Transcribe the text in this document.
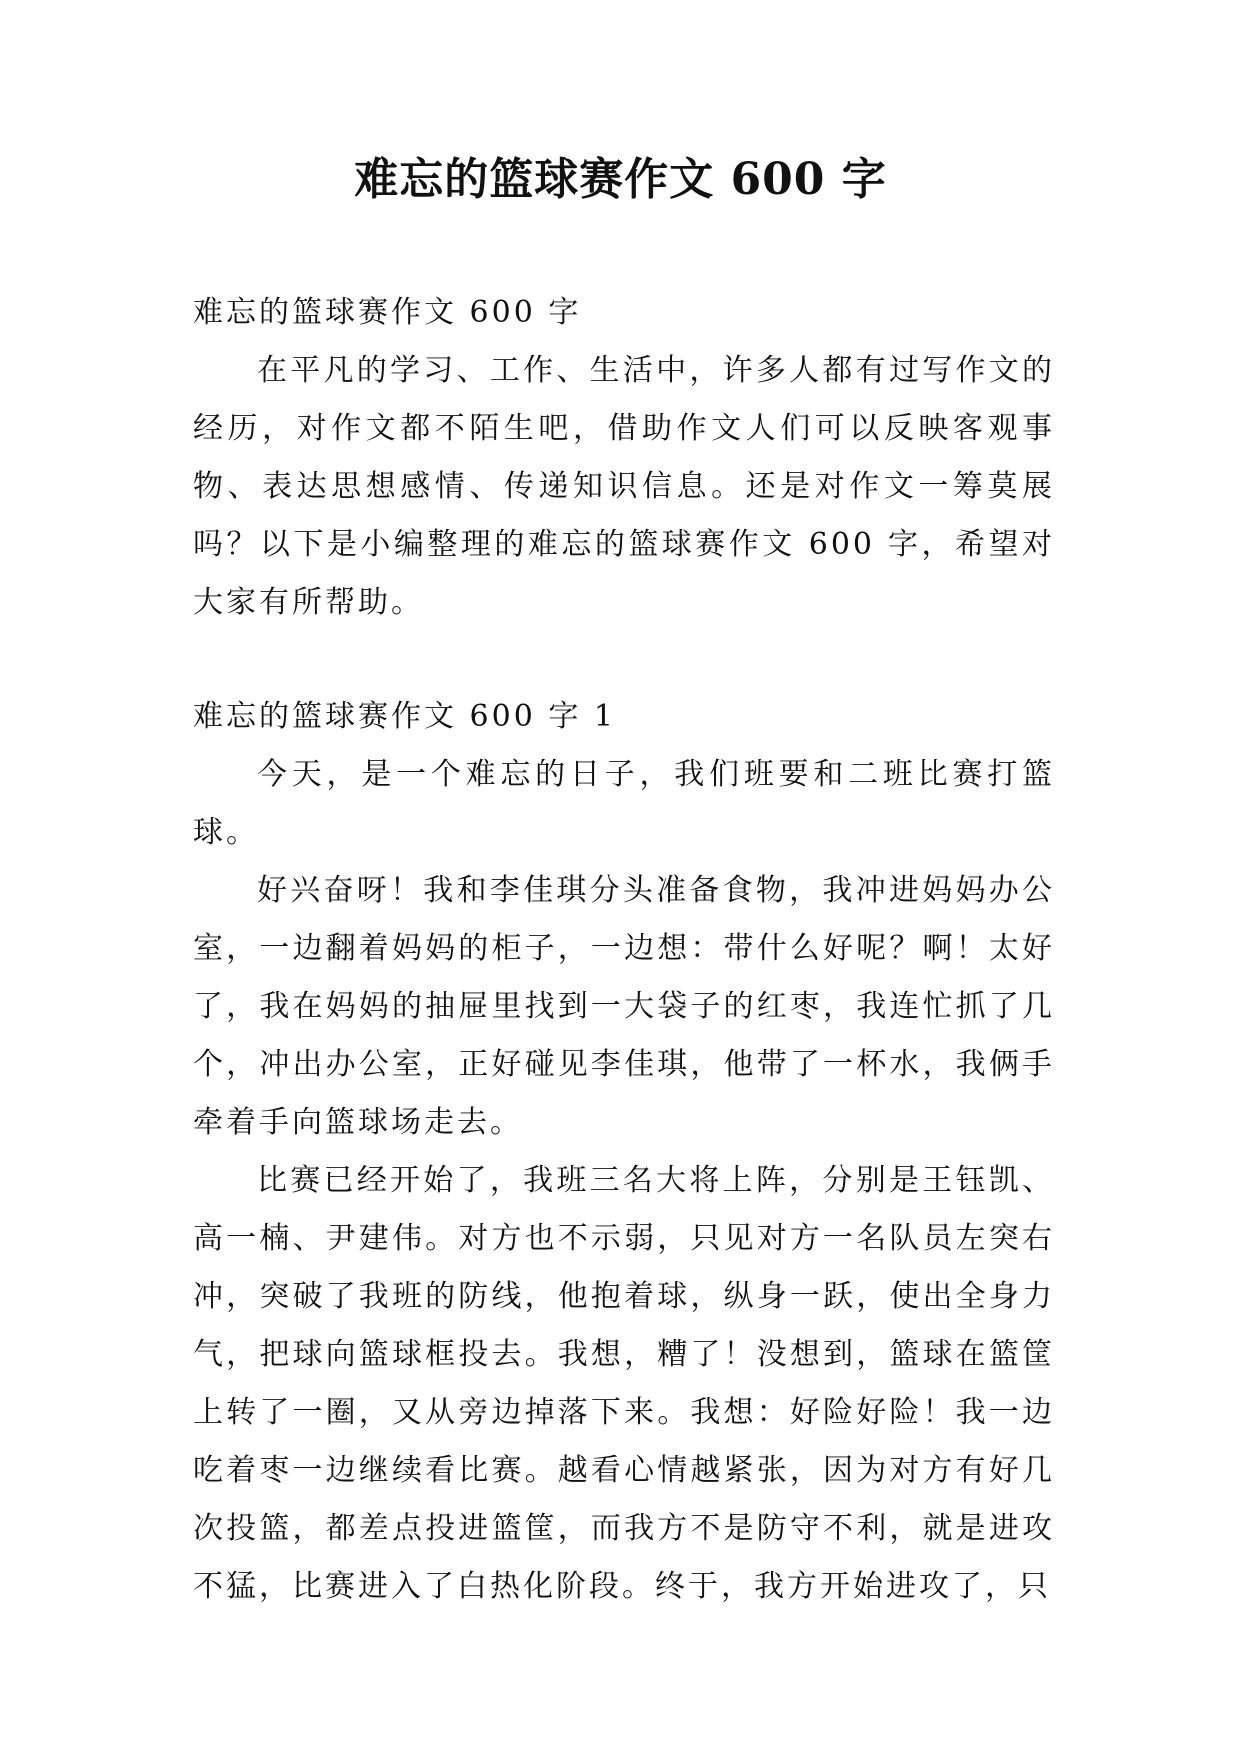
难忘的篮球赛作文 600 字

难忘的篮球赛作文 600 字

在平凡的学习、工作、生活中，许多人都有过写作文的经历，对作文都不陌生吧，借助作文人们可以反映客观事物、表达思想感情、传递知识信息。还是对作文一筹莫展吗？以下是小编整理的难忘的篮球赛作文 600 字，希望对大家有所帮助。

难忘的篮球赛作文 600 字 1

今天，是一个难忘的日子，我们班要和二班比赛打篮球。

好兴奋呀！我和李佳琪分头准备食物，我冲进妈妈办公室，一边翻着妈妈的柜子，一边想：带什么好呢？啊！太好了，我在妈妈的抽屉里找到一大袋子的红枣，我连忙抓了几个，冲出办公室，正好碰见李佳琪，他带了一杯水，我俩手牵着手向篮球场走去。

比赛已经开始了，我班三名大将上阵，分别是王钰凯、高一楠、尹建伟。对方也不示弱，只见对方一名队员左突右冲，突破了我班的防线，他抱着球，纵身一跃，使出全身力气，把球向篮球框投去。我想，糟了！没想到，篮球在篮筐上转了一圈，又从旁边掉落下来。我想：好险好险！我一边吃着枣一边继续看比赛。越看心情越紧张，因为对方有好几次投篮，都差点投进篮筐，而我方不是防守不利，就是进攻不猛，比赛进入了白热化阶段。终于，我方开始进攻了，只
